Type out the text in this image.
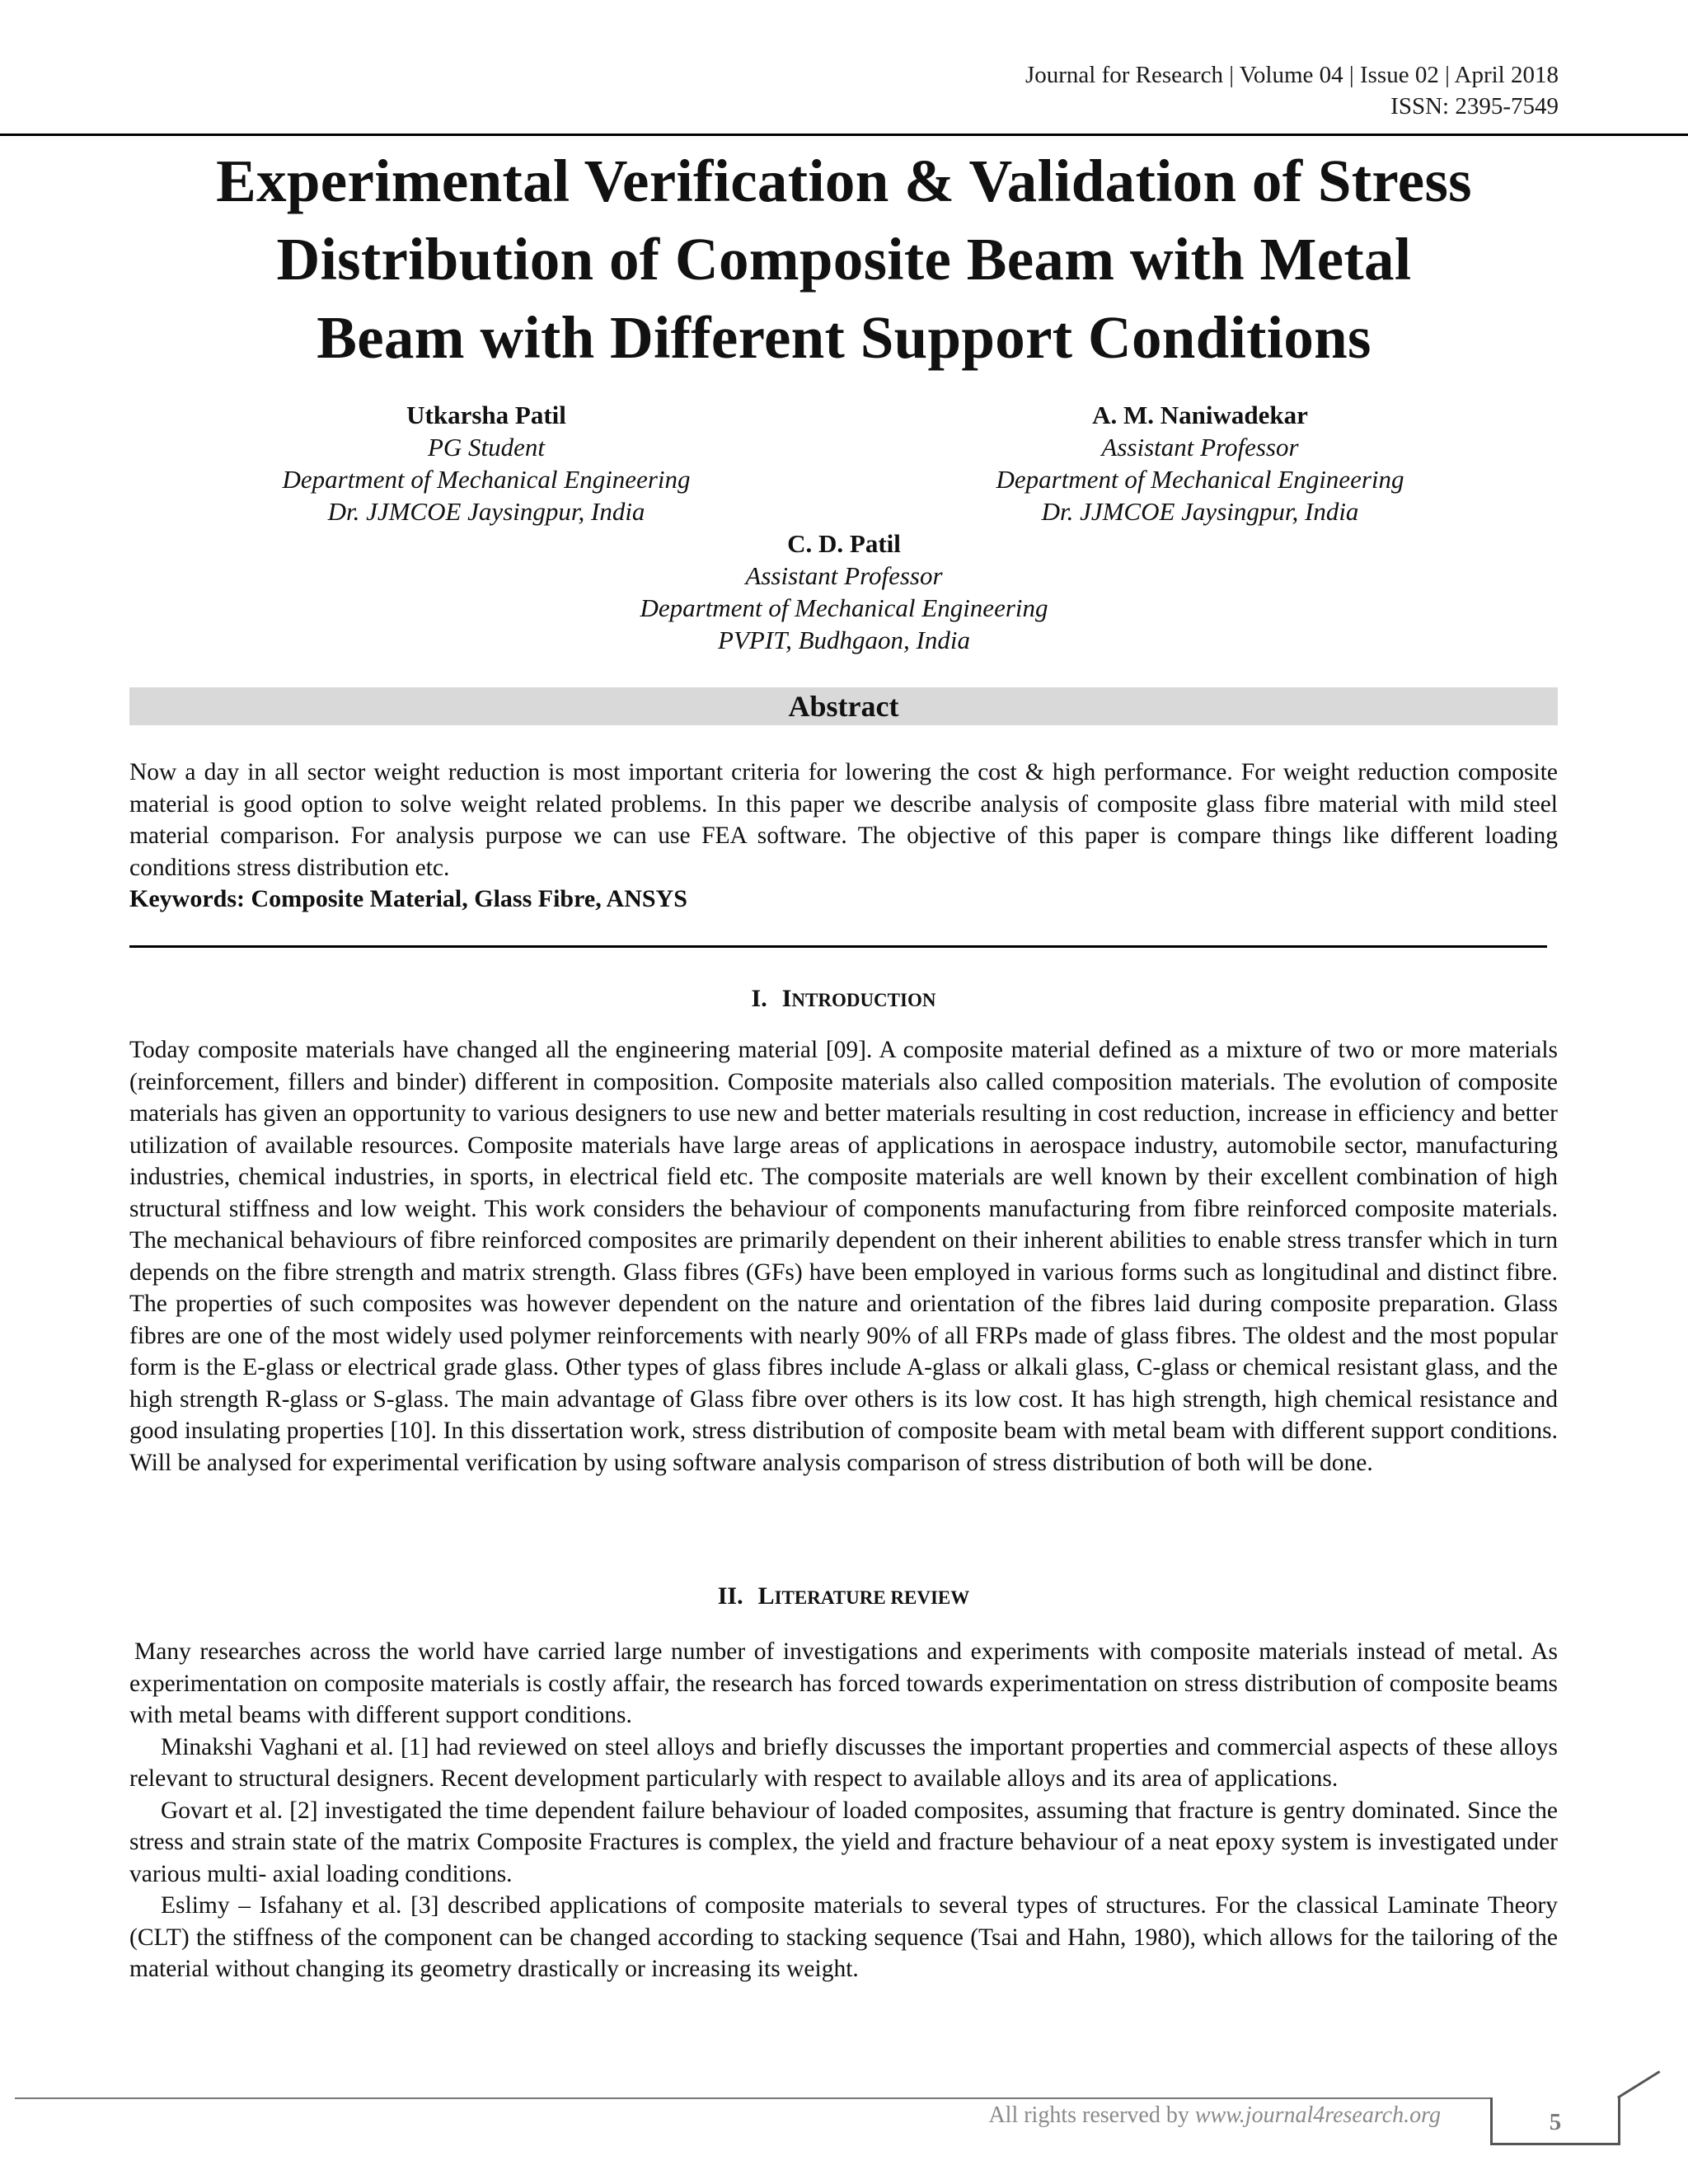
Journal for Research | Volume 04 | Issue 02 | April 2018
ISSN: 2395-7549
Experimental Verification & Validation of Stress
Distribution of Composite Beam with Metal
Beam with Different Support Conditions
Utkarsha Patil
PG Student
Department of Mechanical Engineering
Dr. JJMCOE Jaysingpur, India
A. M. Naniwadekar
Assistant Professor
Department of Mechanical Engineering
Dr. JJMCOE Jaysingpur, India
C. D. Patil
Assistant Professor
Department of Mechanical Engineering
PVPIT, Budhgaon, India
Abstract
Now a day in all sector weight reduction is most important criteria for lowering the cost & high performance. For weight reduction composite material is good option to solve weight related problems. In this paper we describe analysis of composite glass fibre material with mild steel material comparison. For analysis purpose we can use FEA software. The objective of this paper is compare things like different loading conditions stress distribution etc.
Keywords: Composite Material, Glass Fibre, ANSYS
I. INTRODUCTION
Today composite materials have changed all the engineering material [09]. A composite material defined as a mixture of two or more materials (reinforcement, fillers and binder) different in composition. Composite materials also called composition materials. The evolution of composite materials has given an opportunity to various designers to use new and better materials resulting in cost reduction, increase in efficiency and better utilization of available resources. Composite materials have large areas of applications in aerospace industry, automobile sector, manufacturing industries, chemical industries, in sports, in electrical field etc. The composite materials are well known by their excellent combination of high structural stiffness and low weight. This work considers the behaviour of components manufacturing from fibre reinforced composite materials. The mechanical behaviours of fibre reinforced composites are primarily dependent on their inherent abilities to enable stress transfer which in turn depends on the fibre strength and matrix strength. Glass fibres (GFs) have been employed in various forms such as longitudinal and distinct fibre. The properties of such composites was however dependent on the nature and orientation of the fibres laid during composite preparation. Glass fibres are one of the most widely used polymer reinforcements with nearly 90% of all FRPs made of glass fibres. The oldest and the most popular form is the E-glass or electrical grade glass. Other types of glass fibres include A-glass or alkali glass, C-glass or chemical resistant glass, and the high strength R-glass or S-glass. The main advantage of Glass fibre over others is its low cost. It has high strength, high chemical resistance and good insulating properties [10]. In this dissertation work, stress distribution of composite beam with metal beam with different support conditions. Will be analysed for experimental verification by using software analysis comparison of stress distribution of both will be done.
II. LITERATURE REVIEW

Many researches across the world have carried large number of investigations and experiments with composite materials instead of metal. As experimentation on composite materials is costly affair, the research has forced towards experimentation on stress distribution of composite beams with metal beams with different support conditions.

Minakshi Vaghani et al. [1] had reviewed on steel alloys and briefly discusses the important properties and commercial aspects of these alloys relevant to structural designers. Recent development particularly with respect to available alloys and its area of applications.

Govart et al. [2] investigated the time dependent failure behaviour of loaded composites, assuming that fracture is gentry dominated. Since the stress and strain state of the matrix Composite Fractures is complex, the yield and fracture behaviour of a neat epoxy system is investigated under various multi- axial loading conditions.

Eslimy – Isfahany et al. [3] described applications of composite materials to several types of structures. For the classical Laminate Theory (CLT) the stiffness of the component can be changed according to stacking sequence (Tsai and Hahn, 1980), which allows for the tailoring of the material without changing its geometry drastically or increasing its weight.

All rights reserved by www.journal4research.org	5
